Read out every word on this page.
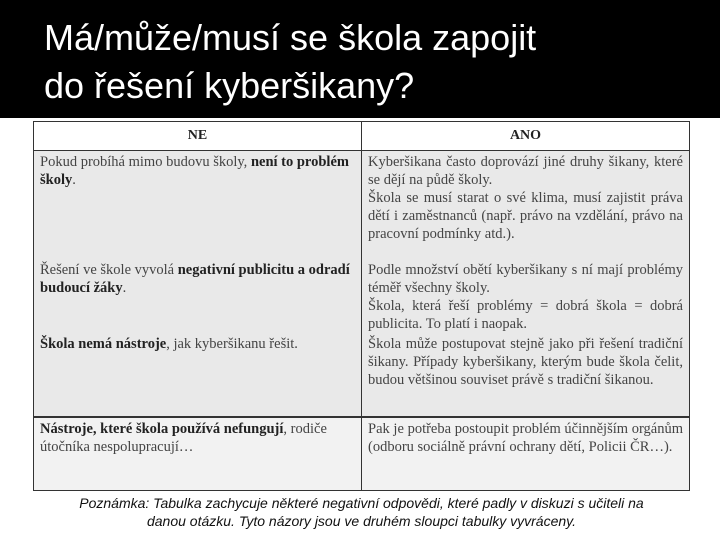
Má/může/musí se škola zapojit
do řešení kyberšikany?
NE	ANO
Pokud probíhá mimo budovu školy, není to problém školy.	Kyberšikana často doprovází jiné druhy šikany, které se dějí na půdě školy.
Škola se musí starat o své klima, musí zajistit práva dětí i zaměstnanců (např. právo na vzdělání, právo na pracovní podmínky atd.).

Řešení ve škole vyvolá negativní publicitu a odradí budoucí žáky.	Podle množství obětí kyberšikany s ní mají problémy téměř všechny školy.
Škola, která řeší problémy = dobrá škola = dobrá publicita. To platí i naopak.

Škola nemá nástroje, jak kyberšikanu řešit.	Škola může postupovat stejně jako při řešení tradiční šikany. Případy kyberšikany, kterým bude škola čelit, budou většinou souviset právě s tradiční šikanou.

Nástroje, které škola používá nefungují, rodiče útočníka nespolupracují…	Pak je potřeba postoupit problém účinnějším orgánům (odboru sociálně právní ochrany dětí, Policii ČR…).
Poznámka: Tabulka zachycuje některé negativní odpovědi, které padly v diskuzi s učiteli na
danou otázku. Tyto názory jsou ve druhém sloupci tabulky vyvráceny.
